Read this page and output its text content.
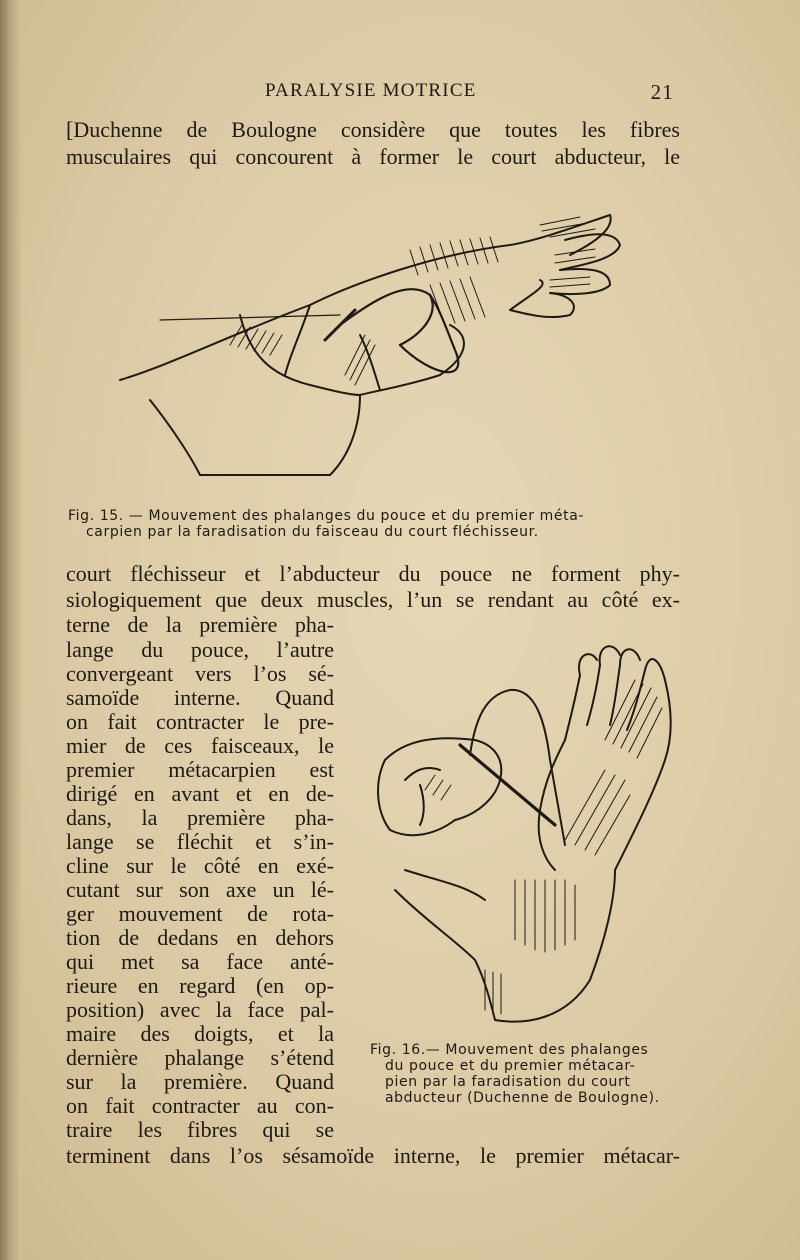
PARALYSIE MOTRICE	21
[Duchenne de Boulogne considère que toutes les fibres
musculaires qui concourent à former le court abducteur, le
Fig. 15. — Mouvement des phalanges du pouce et du premier méta-
carpien par la faradisation du faisceau du court fléchisseur.
court fléchisseur et l’abducteur du pouce ne forment phy-
siologiquement que deux muscles, l’un se rendant au côté ex-
terne de la première pha-
lange du pouce, l’autre
convergeant vers l’os sé-
samoïde interne. Quand
on fait contracter le pre-
mier de ces faisceaux, le
premier métacarpien est
dirigé en avant et en de-
dans, la première pha-
lange se fléchit et s’in-
cline sur le côté en exé-
cutant sur son axe un lé-
ger mouvement de rota-
tion de dedans en dehors
qui met sa face anté-
rieure en regard (en op-
position) avec la face pal-
maire des doigts, et la
dernière phalange s’étend
sur la première. Quand
on fait contracter au con-
traire les fibres qui se
Fig. 16.— Mouvement des phalanges
du pouce et du premier métacar-
pien par la faradisation du court
abducteur (Duchenne de Boulogne).
terminent dans l’os sésamoïde interne, le premier métacar-
